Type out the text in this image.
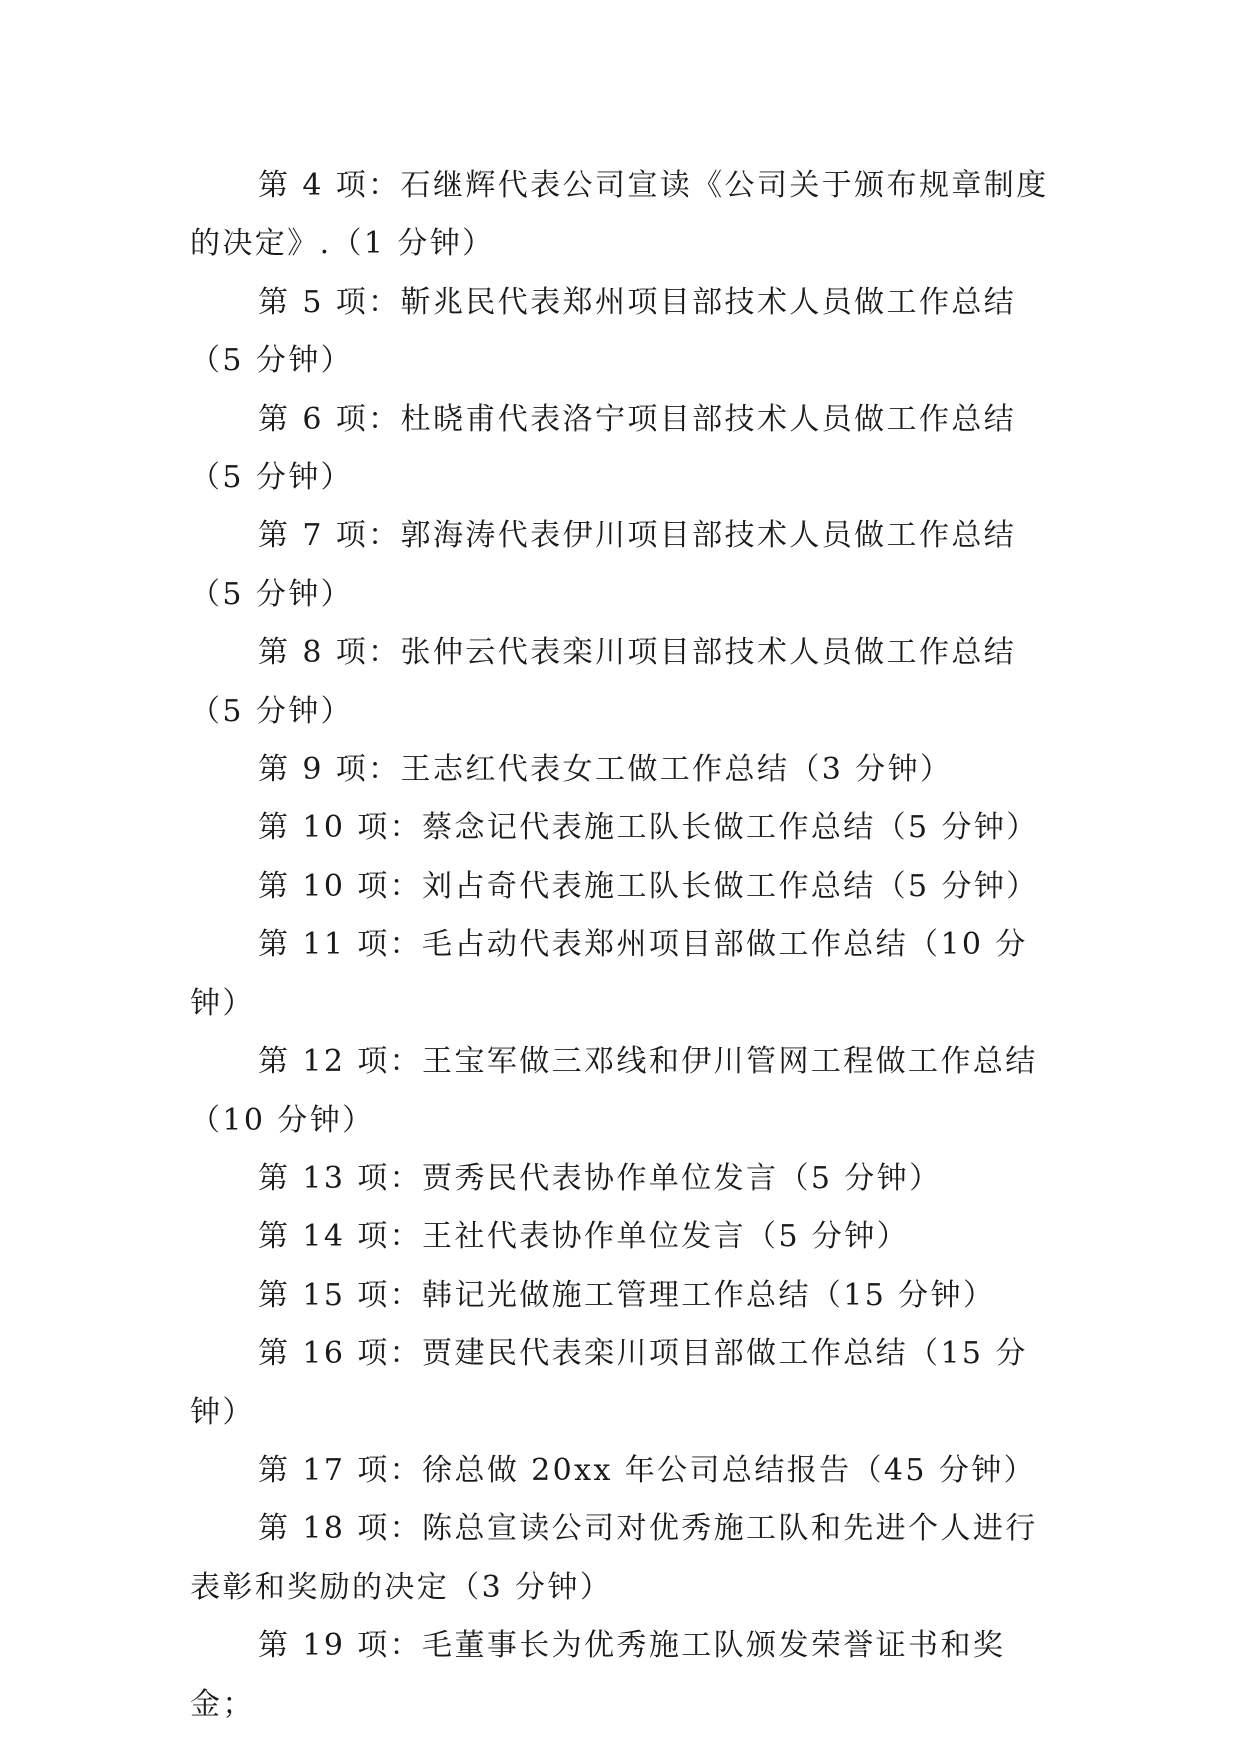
第 4 项：石继辉代表公司宣读《公司关于颁布规章制度的决定》.（1 分钟）

第 5 项：靳兆民代表郑州项目部技术人员做工作总结（5 分钟）

第 6 项：杜晓甫代表洛宁项目部技术人员做工作总结（5 分钟）

第 7 项：郭海涛代表伊川项目部技术人员做工作总结（5 分钟）

第 8 项：张仲云代表栾川项目部技术人员做工作总结（5 分钟）

第 9 项：王志红代表女工做工作总结（3 分钟）

第 10 项：蔡念记代表施工队长做工作总结（5 分钟）

第 10 项：刘占奇代表施工队长做工作总结（5 分钟）

第 11 项：毛占动代表郑州项目部做工作总结（10 分钟）

第 12 项：王宝军做三邓线和伊川管网工程做工作总结（10 分钟）

第 13 项：贾秀民代表协作单位发言（5 分钟）

第 14 项：王社代表协作单位发言（5 分钟）

第 15 项：韩记光做施工管理工作总结（15 分钟）

第 16 项：贾建民代表栾川项目部做工作总结（15 分钟）

第 17 项：徐总做 20xx 年公司总结报告（45 分钟）

第 18 项：陈总宣读公司对优秀施工队和先进个人进行表彰和奖励的决定（3 分钟）

第 19 项：毛董事长为优秀施工队颁发荣誉证书和奖金；
